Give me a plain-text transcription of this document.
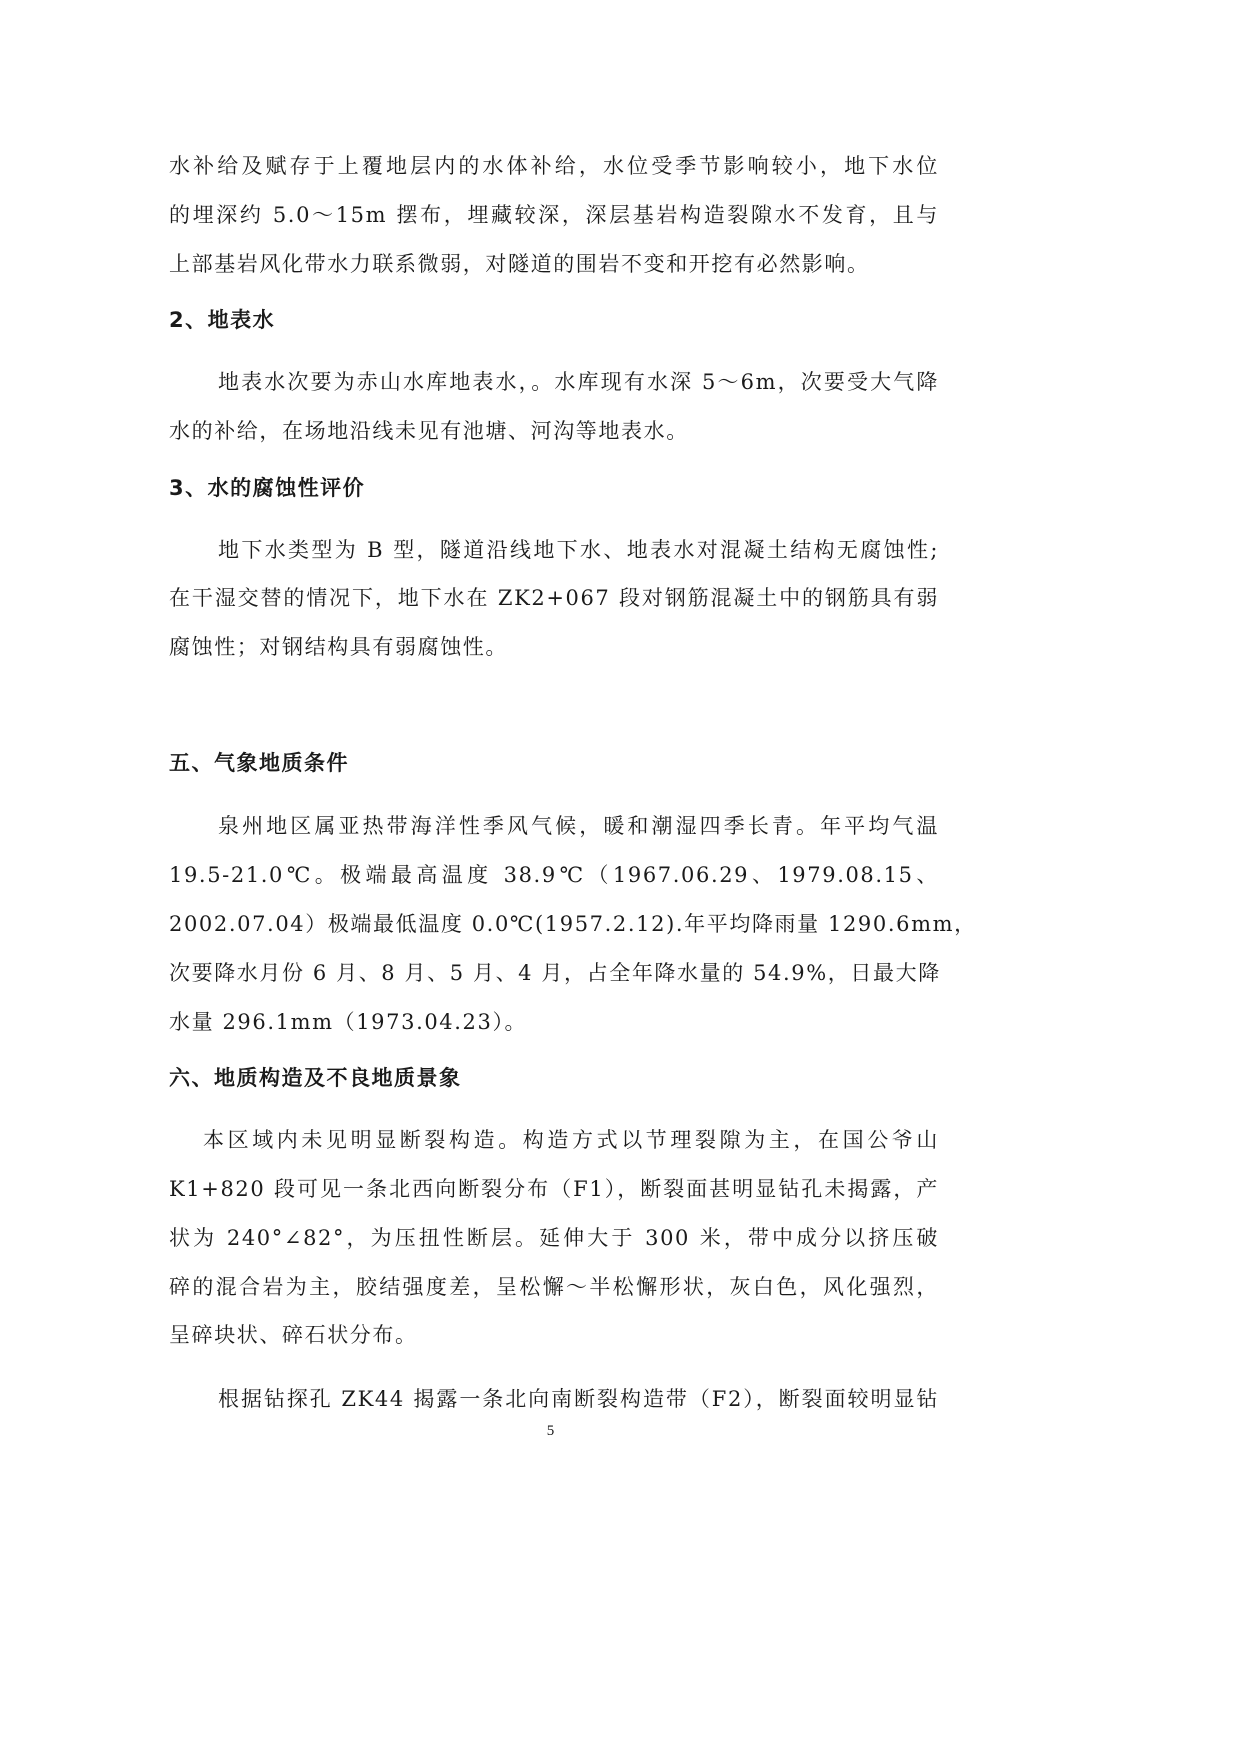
水补给及赋存于上覆地层内的水体补给，水位受季节影响较小，地下水位
的埋深约 5.0～15m 摆布，埋藏较深，深层基岩构造裂隙水不发育，且与
上部基岩风化带水力联系微弱，对隧道的围岩不变和开挖有必然影响。
2、地表水
地表水次要为赤山水库地表水，。水库现有水深 5～6m，次要受大气降
水的补给，在场地沿线未见有池塘、河沟等地表水。
3、水的腐蚀性评价
地下水类型为 B 型，隧道沿线地下水、地表水对混凝土结构无腐蚀性;
在干湿交替的情况下，地下水在 ZK2+067 段对钢筋混凝土中的钢筋具有弱
腐蚀性；对钢结构具有弱腐蚀性。
五、气象地质条件
泉州地区属亚热带海洋性季风气候，暖和潮湿四季长青。年平均气温
19.5-21.0℃。极端最高温度 38.9℃（1967.06.29、1979.08.15、
2002.07.04）极端最低温度 0.0℃(1957.2.12).年平均降雨量 1290.6mm，
次要降水月份 6 月、8 月、5 月、4 月，占全年降水量的 54.9%，日最大降
水量 296.1mm（1973.04.23）。
六、地质构造及不良地质景象
本区域内未见明显断裂构造。构造方式以节理裂隙为主，在国公爷山
K1+820 段可见一条北西向断裂分布（F1），断裂面甚明显钻孔未揭露，产
状为 240°∠82°，为压扭性断层。延伸大于 300 米，带中成分以挤压破
碎的混合岩为主，胶结强度差，呈松懈～半松懈形状，灰白色，风化强烈，
呈碎块状、碎石状分布。
根据钻探孔 ZK44 揭露一条北向南断裂构造带（F2），断裂面较明显钻
5
